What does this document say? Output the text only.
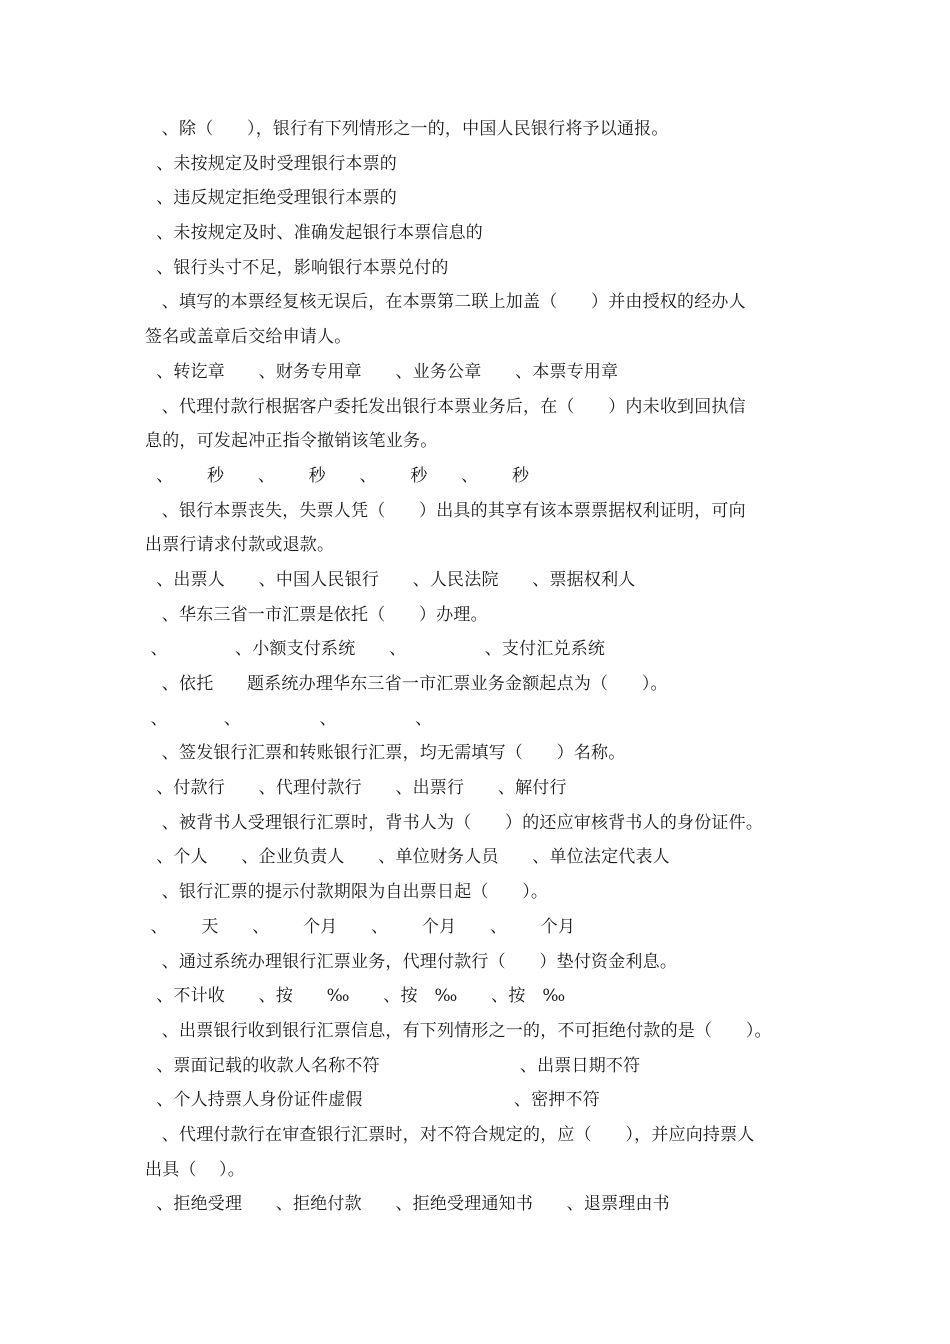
、除（      ），银行有下列情形之一的，中国人民银行将予以通报。
、未按规定及时受理银行本票的
、违反规定拒绝受理银行本票的
、未按规定及时、准确发起银行本票信息的
、银行头寸不足，影响银行本票兑付的
、填写的本票经复核无误后，在本票第二联上加盖（      ）并由授权的经办人
签名或盖章后交给申请人。
、转讫章      、财务专用章      、业务公章      、本票专用章
、代理付款行根据客户委托发出银行本票业务后，在（      ）内未收到回执信
息的，可发起冲正指令撤销该笔业务。
、      秒      、      秒      、      秒      、      秒
、银行本票丧失，失票人凭（      ）出具的其享有该本票票据权利证明，可向
出票行请求付款或退款。
、出票人      、中国人民银行      、人民法院      、票据权利人
、华东三省一市汇票是依托（      ）办理。
、            、小额支付系统      、              、支付汇兑系统
、依托      题系统办理华东三省一市汇票业务金额起点为（      ）。
、          、              、              、
、签发银行汇票和转账银行汇票，均无需填写（      ）名称。
、付款行      、代理付款行      、出票行      、解付行
、被背书人受理银行汇票时，背书人为（      ）的还应审核背书人的身份证件。
、个人      、企业负责人      、单位财务人员      、单位法定代表人
、银行汇票的提示付款期限为自出票日起（      ）。
、      天      、      个月      、      个月      、      个月
、通过系统办理银行汇票业务，代理付款行（      ）垫付资金利息。
、不计收      、按      ‰      、按   ‰      、按   ‰
、出票银行收到银行汇票信息，有下列情形之一的，不可拒绝付款的是（      ）。
、票面记载的收款人名称不符                         、出票日期不符
、个人持票人身份证件虚假                           、密押不符
、代理付款行在审查银行汇票时，对不符合规定的，应（      ），并应向持票人
出具（    ）。
、拒绝受理      、拒绝付款      、拒绝受理通知书      、退票理由书
